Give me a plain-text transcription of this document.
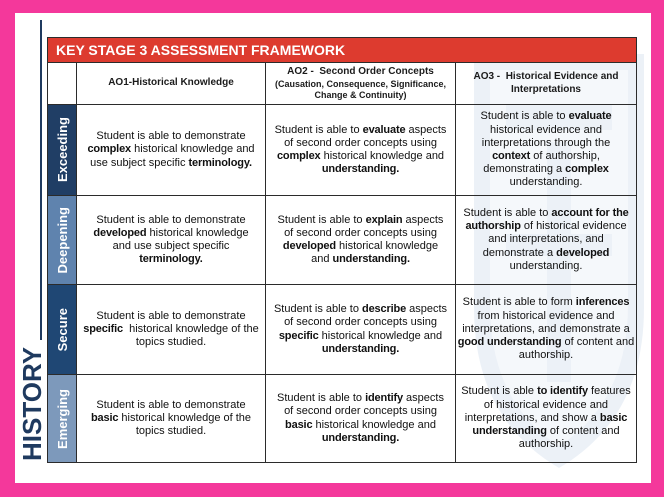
HISTORY
KEY STAGE 3 ASSESSMENT FRAMEWORK
AO1-Historical Knowledge
AO2 -  Second Order Concepts
(Causation, Consequence, Significance,
Change & Continuity)
AO3 -  Historical Evidence and
Interpretations
Exceeding Student is able to demonstrate
complex historical knowledge and
use subject specific terminology.
Student is able to evaluate aspects
of second order concepts using
complex historical knowledge and
understanding.
Student is able to evaluate
historical evidence and
interpretations through the
context of authorship,
demonstrating a complex
understanding.
Deepening Student is able to demonstrate
developed historical knowledge
and use subject specific
terminology.
Student is able to explain aspects
of second order concepts using
developed historical knowledge
and understanding.
Student is able to account for the
authorship of historical evidence
and interpretations, and
demonstrate a developed
understanding.
Secure Student is able to demonstrate
specific  historical knowledge of the
topics studied.
Student is able to describe aspects
of second order concepts using
specific historical knowledge and
understanding.
Student is able to form inferences
from historical evidence and
interpretations, and demonstrate a
good understanding of content and
authorship.
Emerging Student is able to demonstrate
basic historical knowledge of the
topics studied.
Student is able to identify aspects
of second order concepts using
basic historical knowledge and
understanding.
Student is able to identify features
of historical evidence and
interpretations, and show a basic
understanding of content and
authorship.
